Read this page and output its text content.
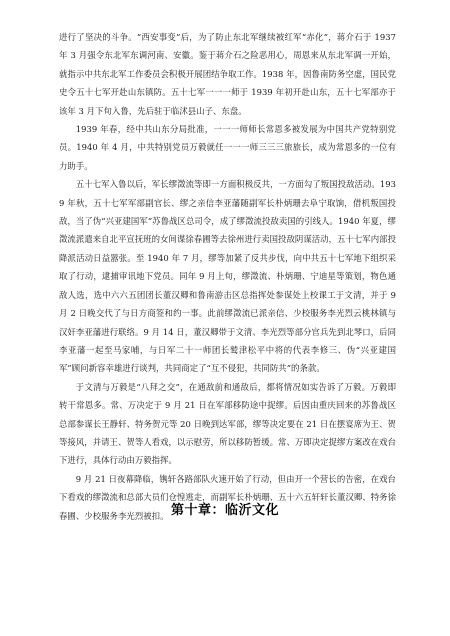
进行了坚决的斗争。“西安事变”后，为了防止东北军继续被红军“赤化”，蒋介石于 1937 年 3 月强令东北军东调河南、安徽。鉴于蒋介石之险恶用心，周恩来从东北军调一开始，就指示中共东北军工作委员会积极开展团结争取工作。1938 年，因鲁南防务空虚，国民党史令五十七军开赴山东镇防。五十七军一一一师于 1939 年初开赴山东，五十七军部亦于该年 3 月下旬入鲁，先后驻于临沭县山子、东盘。

1939 年春，经中共山东分局批准，一一一师师长常恩多被发展为中国共产党特别党员。1940 年 4 月，中共特别党员万毅就任一一一师三三三旅旅长，成为常恩多的一位有力助手。

五十七军入鲁以后，军长缪澂流等即一方面积极反共，一方面勾了叛国投敌活动。1939 年秋，五十七军军部副官长、缪之亲信李亚藩随副军长朴炳珊去阜宁取饷，借机叛国投敌，当了伪“兴亚建国军”苏鲁战区总司令，成了缪澂流投敌卖国的引线人。1940 年夏，缪澂流派遣来自北平宣抚班的女间谍徐春圃等去徐州进行卖国投敌阴谋活动，五十七军内部投降派活动日益嚣张。至 1940 年 7 月，缪等加紧了反共步伐，向中共五十七军地下组织采取了行动，逮捕审讯地下党员。同年 9 月上旬，缪澂流、朴炳珊、宁迪星等策划，物色通敌人选，选中六六五团团长董汉卿和鲁南游击区总指挥处参谋处上校课工于文清，并于 9 月 2 日晚交代了与日方商签和约一事。此前缪澂流已派亲信、少校服务李光烈云桃林镇与汉奸李亚藩进行联络。9 月 14 日，董汉卿带于文清、李光烈等部分官兵先到北琴口，后同李亚藩一起至马家哺，与日军二十一师团长鹫津松平中将的代表李修三、伪“兴亚建国军”顾问新容幸雄进行谈判，共同商定了“互不侵犯，共同防共”的条款。

于文清与万毅是“八拜之交”，在通敌前和通敌后，都将情况如实告诉了万毅。万毅即转干常恩多。常、万决定于 9 月 21 日在军部移防途中捉缪。后因由重庆回来的苏鲁战区总部参谋长王静轩、特务贺元等 20 日晚到达军部，缪等决定要在 21 日在摆宴席为王、贺等接风，并请王、贺等人看戏，以示慰劳，所以移防暂缓。常、万即决定捉缪方案改在戏台下进行，具体行动由万毅指挥。

9 月 21 日夜幕降临，镌轩各路部队火速开始了行动，但由开一个营长的告密，在戏台下看戏的缪澂流和总部大员们仓惶逃走，而副军长朴炳珊、五十六五轩轩长董汉卿、特务徐春圃、少校服务李光烈被扣。 第十章：临沂文化
